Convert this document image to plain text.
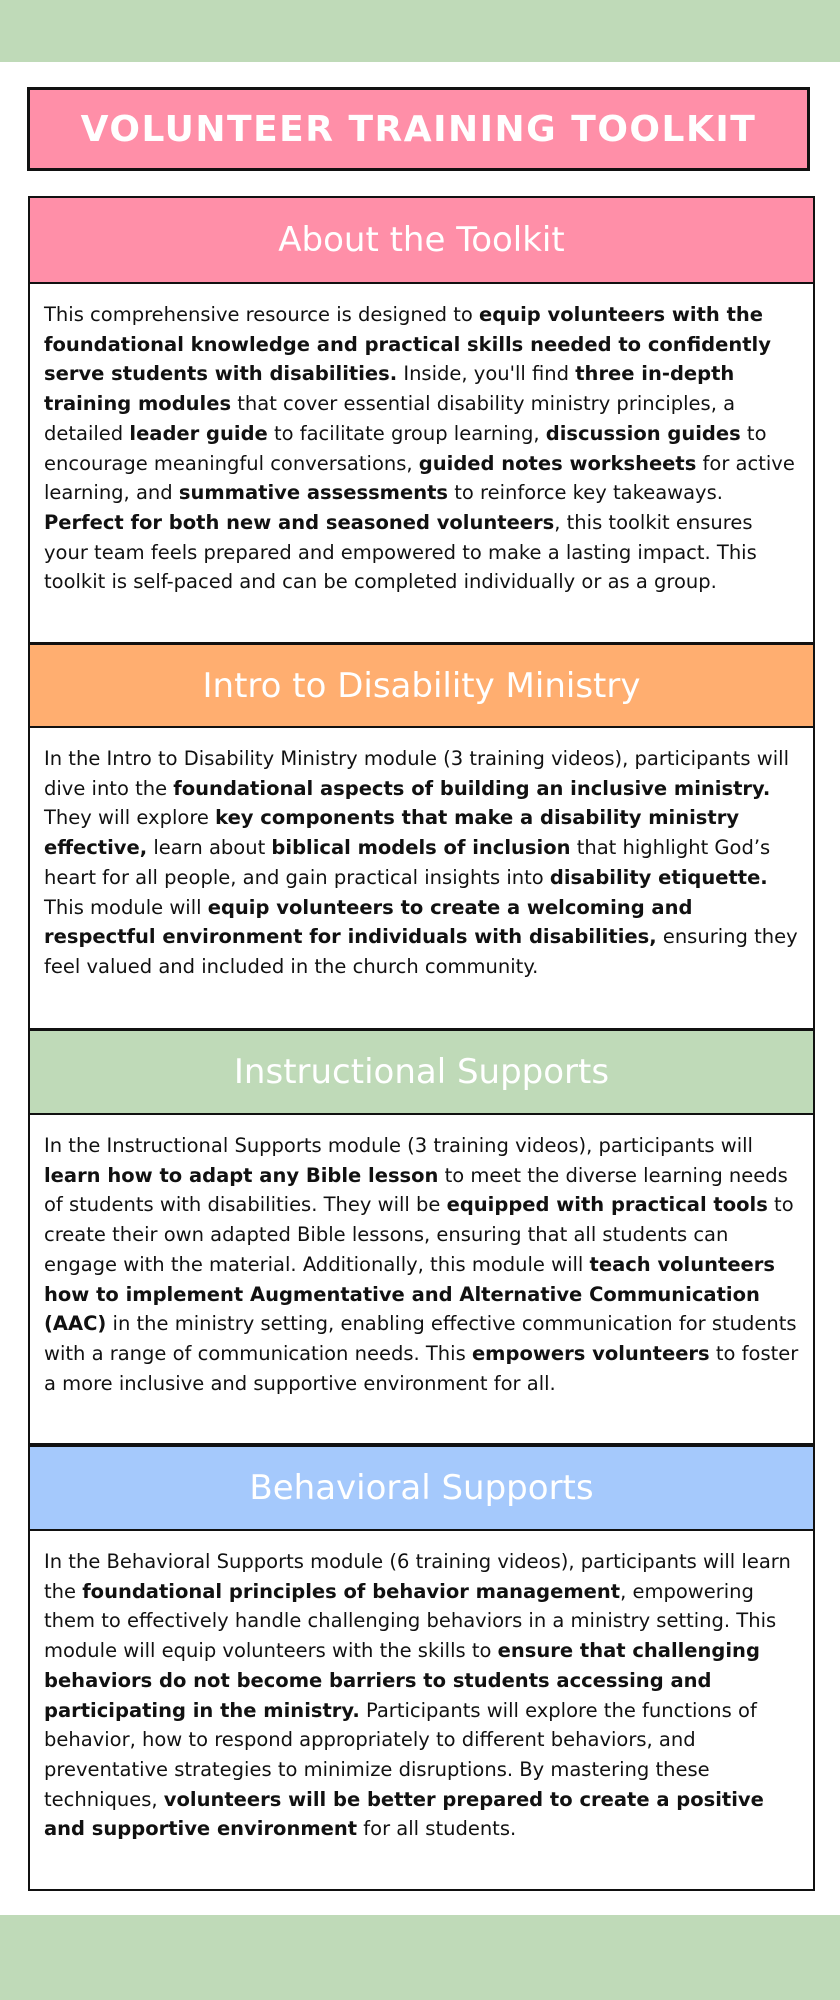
VOLUNTEER TRAINING TOOLKIT
About the Toolkit
This comprehensive resource is designed to equip volunteers with the foundational knowledge and practical skills needed to confidently serve students with disabilities. Inside, you'll find three in-depth training modules that cover essential disability ministry principles, a detailed leader guide to facilitate group learning, discussion guides to encourage meaningful conversations, guided notes worksheets for active learning, and summative assessments to reinforce key takeaways. Perfect for both new and seasoned volunteers, this toolkit ensures your team feels prepared and empowered to make a lasting impact. This toolkit is self-paced and can be completed individually or as a group.
Intro to Disability Ministry
In the Intro to Disability Ministry module (3 training videos), participants will dive into the foundational aspects of building an inclusive ministry. They will explore key components that make a disability ministry effective, learn about biblical models of inclusion that highlight God’s heart for all people, and gain practical insights into disability etiquette. This module will equip volunteers to create a welcoming and respectful environment for individuals with disabilities, ensuring they feel valued and included in the church community.
Instructional Supports
In the Instructional Supports module (3 training videos), participants will learn how to adapt any Bible lesson to meet the diverse learning needs of students with disabilities. They will be equipped with practical tools to create their own adapted Bible lessons, ensuring that all students can engage with the material. Additionally, this module will teach volunteers how to implement Augmentative and Alternative Communication (AAC) in the ministry setting, enabling effective communication for students with a range of communication needs. This empowers volunteers to foster a more inclusive and supportive environment for all.
Behavioral Supports
In the Behavioral Supports module (6 training videos), participants will learn the foundational principles of behavior management, empowering them to effectively handle challenging behaviors in a ministry setting. This module will equip volunteers with the skills to ensure that challenging behaviors do not become barriers to students accessing and participating in the ministry. Participants will explore the functions of behavior, how to respond appropriately to different behaviors, and preventative strategies to minimize disruptions. By mastering these techniques, volunteers will be better prepared to create a positive and supportive environment for all students.
